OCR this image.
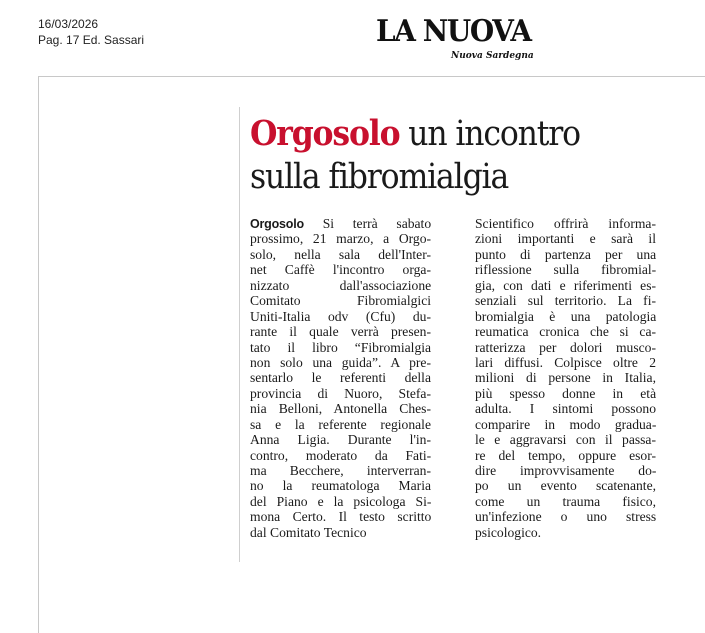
16/03/2026
Pag. 17 Ed. Sassari	LA NUOVA
Nuova Sardegna
Orgosolo un incontro
sulla fibromialgia
Orgosolo Si terrà sabato
prossimo, 21 marzo, a Orgo-
solo, nella sala dell'Inter-
net Caffè l'incontro orga-
nizzato dall'associazione
Comitato Fibromialgici
Uniti-Italia odv (Cfu) du-
rante il quale verrà presen-
tato il libro “Fibromialgia
non solo una guida”. A pre-
sentarlo le referenti della
provincia di Nuoro, Stefa-
nia Belloni, Antonella Ches-
sa e la referente regionale
Anna Ligia. Durante l'in-
contro, moderato da Fati-
ma Becchere, interverran-
no la reumatologa Maria
del Piano e la psicologa Si-
mona Certo. Il testo scritto
dal Comitato Tecnico
Scientifico offrirà informa-
zioni importanti e sarà il
punto di partenza per una
riflessione sulla fibromial-
gia, con dati e riferimenti es-
senziali sul territorio. La fi-
bromialgia è una patologia
reumatica cronica che si ca-
ratterizza per dolori musco-
lari diffusi. Colpisce oltre 2
milioni di persone in Italia,
più spesso donne in età
adulta. I sintomi possono
comparire in modo gradua-
le e aggravarsi con il passa-
re del tempo, oppure esor-
dire improvvisamente do-
po un evento scatenante,
come un trauma fisico,
un'infezione o uno stress
psicologico.
